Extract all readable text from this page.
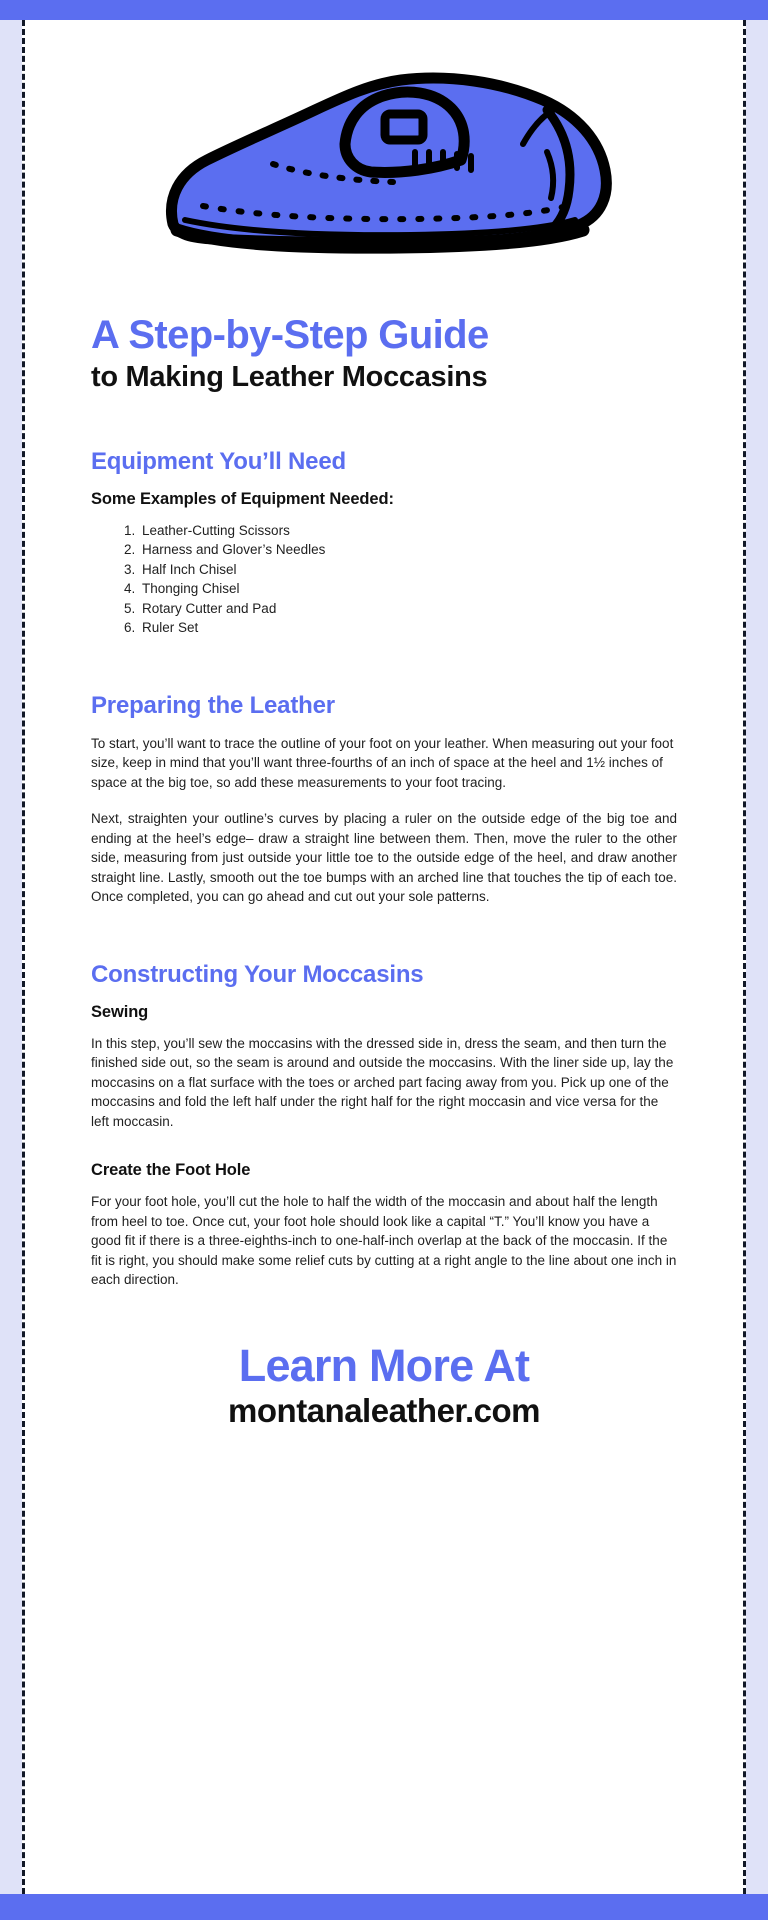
A Step-by-Step Guide
to Making Leather Moccasins
Equipment You’ll Need
Some Examples of Equipment Needed:
1. Leather-Cutting Scissors
2. Harness and Glover’s Needles
3. Half Inch Chisel
4. Thonging Chisel
5. Rotary Cutter and Pad
6. Ruler Set
Preparing the Leather

To start, you’ll want to trace the outline of your foot on your leather. When measuring out your foot size, keep in mind that you’ll want three-fourths of an inch of space at the heel and 1½ inches of space at the big toe, so add these measurements to your foot tracing.

Next, straighten your outline’s curves by placing a ruler on the outside edge of the big toe and ending at the heel’s edge– draw a straight line between them. Then, move the ruler to the other side, measuring from just outside your little toe to the outside edge of the heel, and draw another straight line. Lastly, smooth out the toe bumps with an arched line that touches the tip of each toe. Once completed, you can go ahead and cut out your sole patterns.

Constructing Your Moccasins
Sewing

In this step, you’ll sew the moccasins with the dressed side in, dress the seam, and then turn the finished side out, so the seam is around and outside the moccasins. With the liner side up, lay the moccasins on a flat surface with the toes or arched part facing away from you. Pick up one of the moccasins and fold the left half under the right half for the right moccasin and vice versa for the left moccasin.

Create the Foot Hole

For your foot hole, you’ll cut the hole to half the width of the moccasin and about half the length from heel to toe. Once cut, your foot hole should look like a capital “T.” You’ll know you have a good fit if there is a three-eighths-inch to one-half-inch overlap at the back of the moccasin. If the fit is right, you should make some relief cuts by cutting at a right angle to the line about one inch in each direction.

Learn More At
montanaleather.com
